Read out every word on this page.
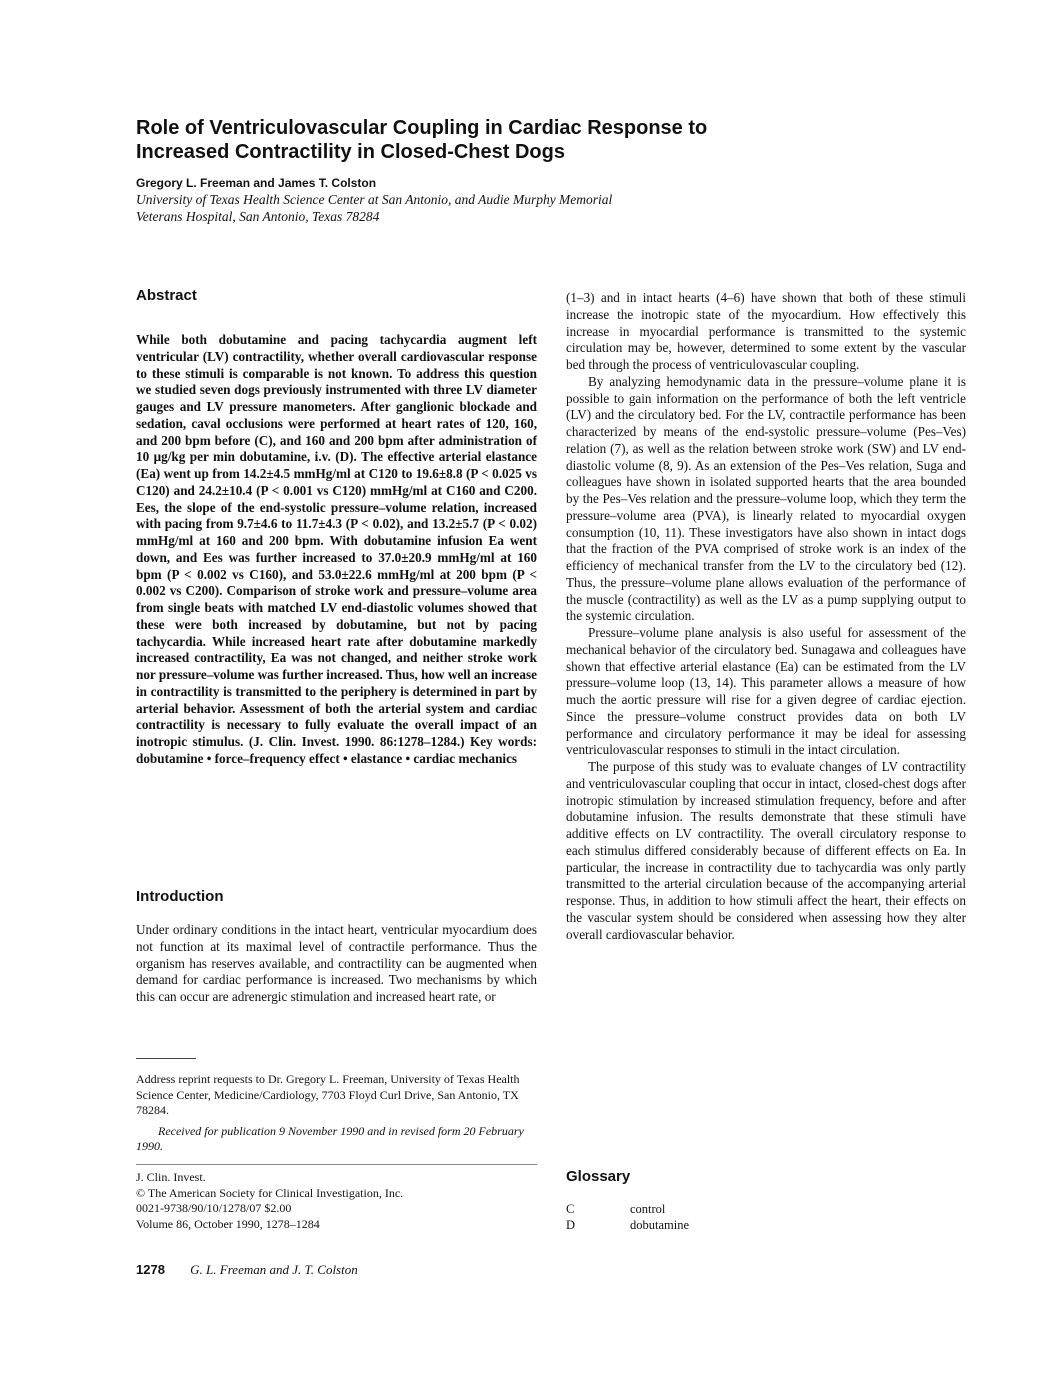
Role of Ventriculovascular Coupling in Cardiac Response to Increased Contractility in Closed-Chest Dogs
Gregory L. Freeman and James T. Colston
University of Texas Health Science Center at San Antonio, and Audie Murphy Memorial Veterans Hospital, San Antonio, Texas 78284
Abstract

While both dobutamine and pacing tachycardia augment left ventricular (LV) contractility, whether overall cardiovascular response to these stimuli is comparable is not known. To address this question we studied seven dogs previously instrumented with three LV diameter gauges and LV pressure manometers. After ganglionic blockade and sedation, caval occlusions were performed at heart rates of 120, 160, and 200 bpm before (C), and 160 and 200 bpm after administration of 10 μg/kg per min dobutamine, i.v. (D). The effective arterial elastance (Ea) went up from 14.2±4.5 mmHg/ml at C120 to 19.6±8.8 (P < 0.025 vs C120) and 24.2±10.4 (P < 0.001 vs C120) mmHg/ml at C160 and C200. Ees, the slope of the end-systolic pressure–volume relation, increased with pacing from 9.7±4.6 to 11.7±4.3 (P < 0.02), and 13.2±5.7 (P < 0.02) mmHg/ml at 160 and 200 bpm. With dobutamine infusion Ea went down, and Ees was further increased to 37.0±20.9 mmHg/ml at 160 bpm (P < 0.002 vs C160), and 53.0±22.6 mmHg/ml at 200 bpm (P < 0.002 vs C200). Comparison of stroke work and pressure–volume area from single beats with matched LV end-diastolic volumes showed that these were both increased by dobutamine, but not by pacing tachycardia. While increased heart rate after dobutamine markedly increased contractility, Ea was not changed, and neither stroke work nor pressure–volume was further increased. Thus, how well an increase in contractility is transmitted to the periphery is determined in part by arterial behavior. Assessment of both the arterial system and cardiac contractility is necessary to fully evaluate the overall impact of an inotropic stimulus. (J. Clin. Invest. 1990. 86:1278–1284.) Key words: dobutamine • force–frequency effect • elastance • cardiac mechanics

Introduction

Under ordinary conditions in the intact heart, ventricular myocardium does not function at its maximal level of contractile performance. Thus the organism has reserves available, and contractility can be augmented when demand for cardiac performance is increased. Two mechanisms by which this can occur are adrenergic stimulation and increased heart rate, or

Address reprint requests to Dr. Gregory L. Freeman, University of Texas Health Science Center, Medicine/Cardiology, 7703 Floyd Curl Drive, San Antonio, TX 78284.

Received for publication 9 November 1990 and in revised form 20 February 1990.

J. Clin. Invest.

© The American Society for Clinical Investigation, Inc.

0021-9738/90/10/1278/07 $2.00

Volume 86, October 1990, 1278–1284

(1–3) and in intact hearts (4–6) have shown that both of these stimuli increase the inotropic state of the myocardium. How effectively this increase in myocardial performance is transmitted to the systemic circulation may be, however, determined to some extent by the vascular bed through the process of ventriculovascular coupling.

By analyzing hemodynamic data in the pressure–volume plane it is possible to gain information on the performance of both the left ventricle (LV) and the circulatory bed. For the LV, contractile performance has been characterized by means of the end-systolic pressure–volume (Pes–Ves) relation (7), as well as the relation between stroke work (SW) and LV end-diastolic volume (8, 9). As an extension of the Pes–Ves relation, Suga and colleagues have shown in isolated supported hearts that the area bounded by the Pes–Ves relation and the pressure–volume loop, which they term the pressure–volume area (PVA), is linearly related to myocardial oxygen consumption (10, 11). These investigators have also shown in intact dogs that the fraction of the PVA comprised of stroke work is an index of the efficiency of mechanical transfer from the LV to the circulatory bed (12). Thus, the pressure–volume plane allows evaluation of the performance of the muscle (contractility) as well as the LV as a pump supplying output to the systemic circulation.

Pressure–volume plane analysis is also useful for assessment of the mechanical behavior of the circulatory bed. Sunagawa and colleagues have shown that effective arterial elastance (Ea) can be estimated from the LV pressure–volume loop (13, 14). This parameter allows a measure of how much the aortic pressure will rise for a given degree of cardiac ejection. Since the pressure–volume construct provides data on both LV performance and circulatory performance it may be ideal for assessing ventriculovascular responses to stimuli in the intact circulation.

The purpose of this study was to evaluate changes of LV contractility and ventriculovascular coupling that occur in intact, closed-chest dogs after inotropic stimulation by increased stimulation frequency, before and after dobutamine infusion. The results demonstrate that these stimuli have additive effects on LV contractility. The overall circulatory response to each stimulus differed considerably because of different effects on Ea. In particular, the increase in contractility due to tachycardia was only partly transmitted to the arterial circulation because of the accompanying arterial response. Thus, in addition to how stimuli affect the heart, their effects on the vascular system should be considered when assessing how they alter overall cardiovascular behavior.

Glossary
C	control
D	dobutamine
1278 G. L. Freeman and J. T. Colston
